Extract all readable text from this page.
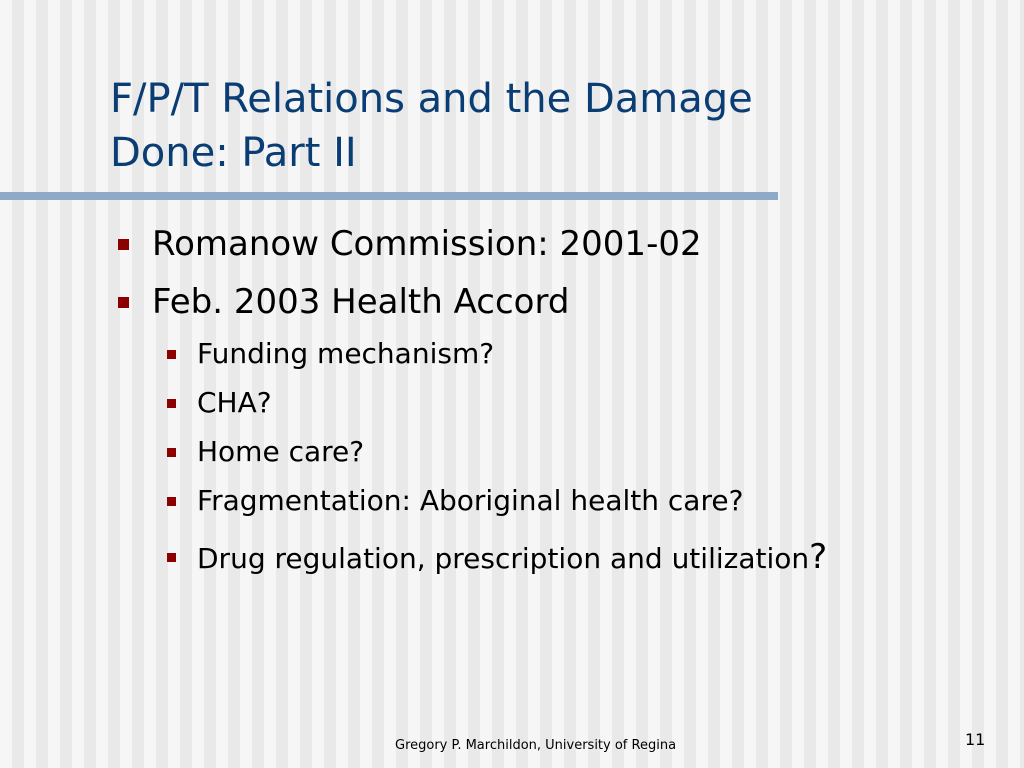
F/P/T Relations and the Damage
Done: Part II
Romanow Commission: 2001-02
Feb. 2003 Health Accord
Funding mechanism?
CHA?
Home care?
Fragmentation: Aboriginal health care?
Drug regulation, prescription and utilization?
Gregory P. Marchildon, University of Regina	11
